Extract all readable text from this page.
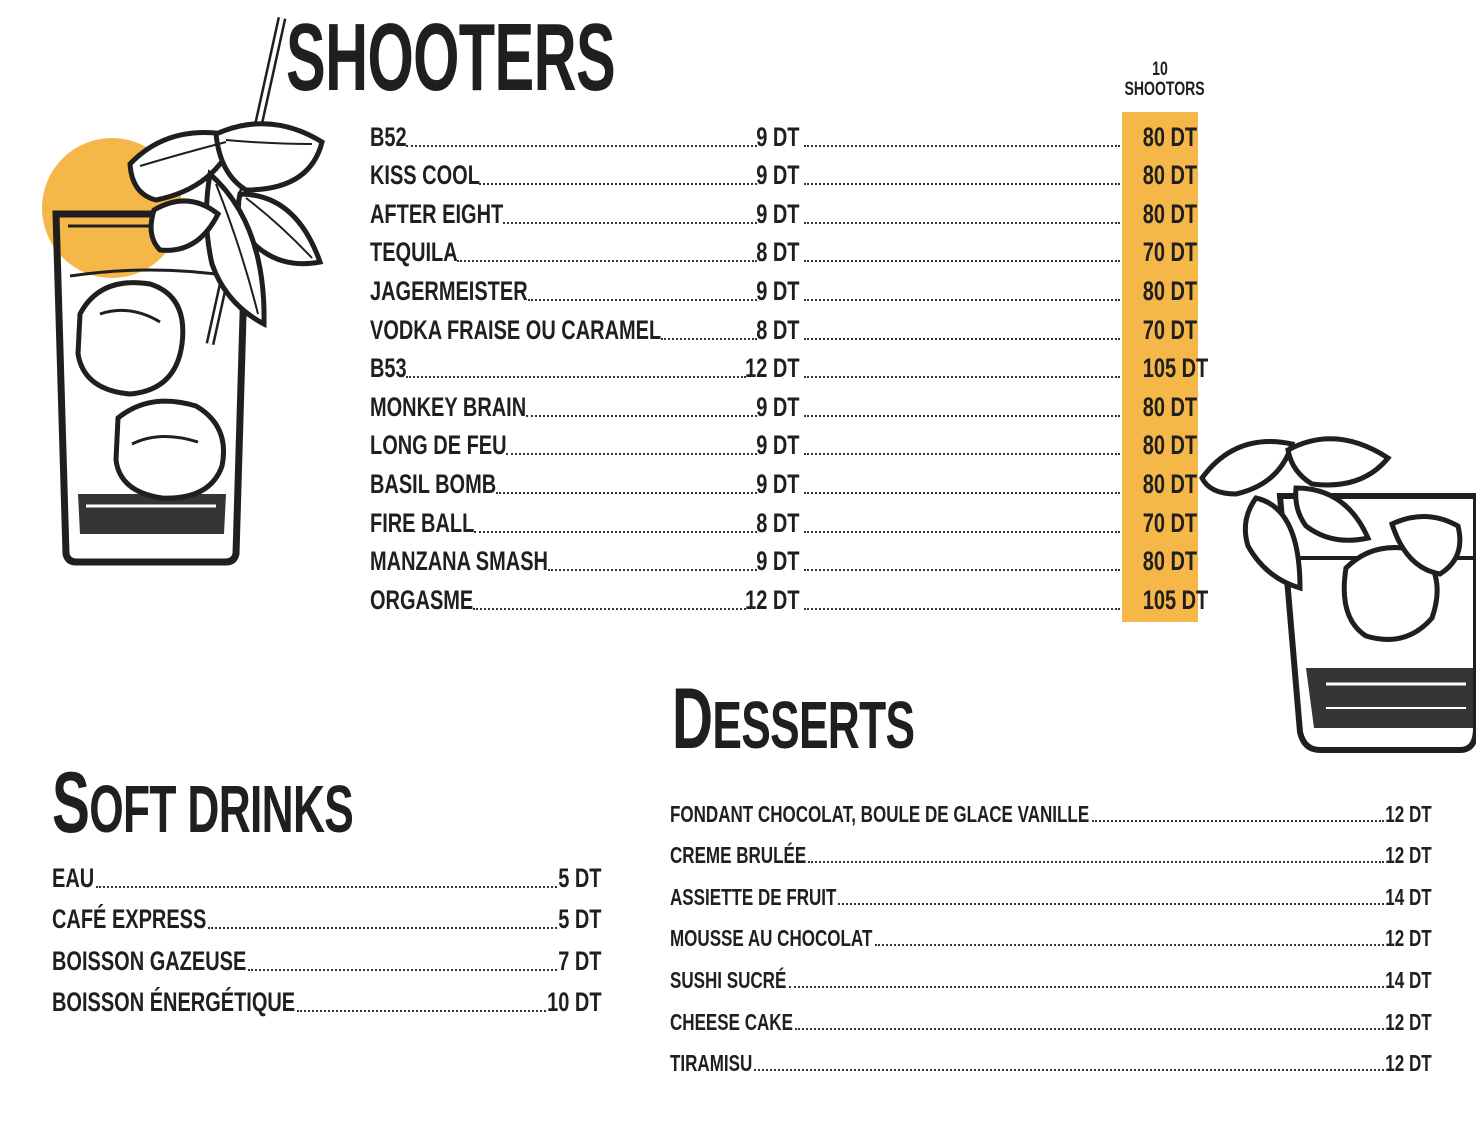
SHOOTERS	10
SHOOTORS
B52	9 DT	80 DT
KISS COOL	9 DT	80 DT
AFTER EIGHT	9 DT	80 DT
TEQUILA	8 DT	70 DT
JAGERMEISTER	9 DT	80 DT
VODKA FRAISE OU CARAMEL	8 DT	70 DT
B53	12 DT	105 DT
MONKEY BRAIN	9 DT	80 DT
LONG DE FEU	9 DT	80 DT
BASIL BOMB	9 DT	80 DT
FIRE BALL	8 DT	70 DT
MANZANA SMASH	9 DT	80 DT
ORGASME	12 DT	105 DT
DESSERTS
FONDANT CHOCOLAT, BOULE DE GLACE VANILLE	12 DT
CREME BRULÉE	12 DT
ASSIETTE DE FRUIT	14 DT
MOUSSE AU CHOCOLAT	12 DT
SUSHI SUCRÉ	14 DT
CHEESE CAKE	12 DT
TIRAMISU	12 DT
SOFT DRINKS
EAU	5 DT
CAFÉ EXPRESS	5 DT
BOISSON GAZEUSE	7 DT
BOISSON ÉNERGÉTIQUE	10 DT
